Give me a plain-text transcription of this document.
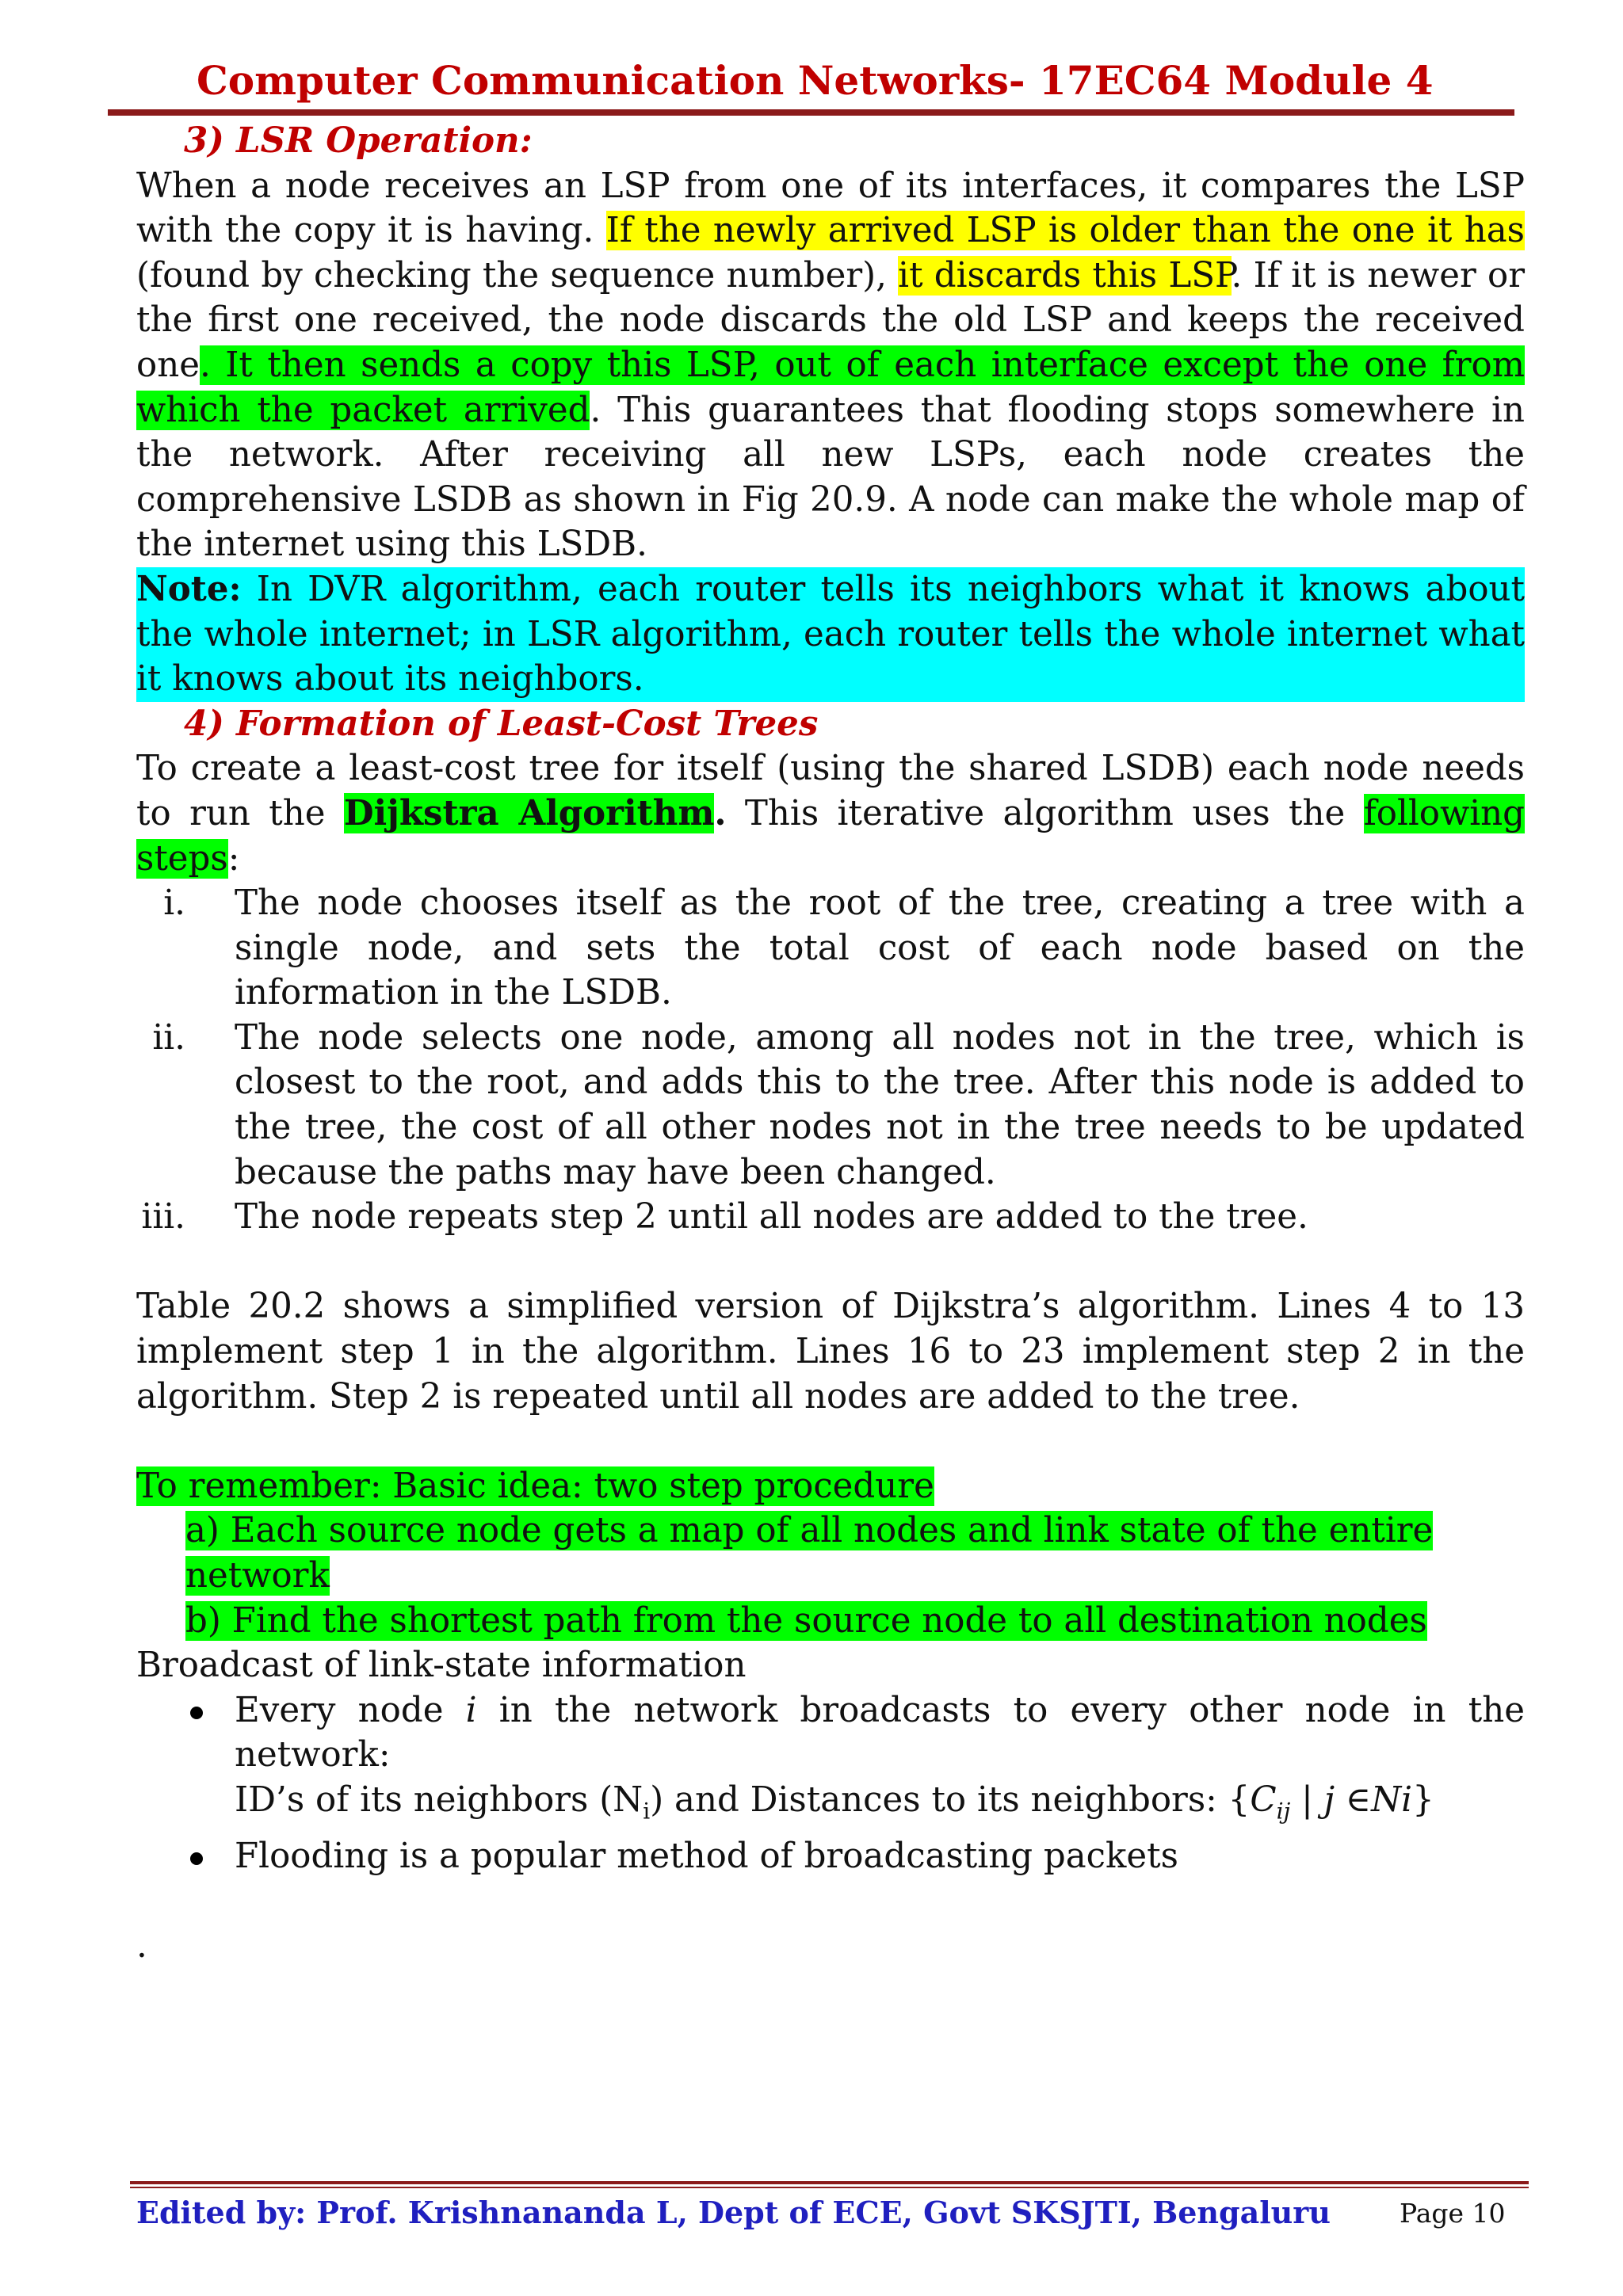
Computer Communication Networks- 17EC64 Module 4

3) LSR Operation:

When a node receives an LSP from one of its interfaces, it compares the LSP with the copy it is having. If the newly arrived LSP is older than the one it has (found by checking the sequence number), it discards this LSP. If it is newer or the first one received, the node discards the old LSP and keeps the received one. It then sends a copy this LSP, out of each interface except the one from which the packet arrived. This guarantees that flooding stops somewhere in the network. After receiving all new LSPs, each node creates the comprehensive LSDB as shown in Fig 20.9. A node can make the whole map of the internet using this LSDB.

Note: In DVR algorithm, each router tells its neighbors what it knows about the whole internet; in LSR algorithm, each router tells the whole internet what it knows about its neighbors.

4) Formation of Least-Cost Trees

To create a least-cost tree for itself (using the shared LSDB) each node needs to run the Dijkstra Algorithm. This iterative algorithm uses the following steps:

i. The node chooses itself as the root of the tree, creating a tree with a single node, and sets the total cost of each node based on the information in the LSDB.
ii. The node selects one node, among all nodes not in the tree, which is closest to the root, and adds this to the tree. After this node is added to the tree, the cost of all other nodes not in the tree needs to be updated because the paths may have been changed.
iii. The node repeats step 2 until all nodes are added to the tree.

Table 20.2 shows a simplified version of Dijkstra’s algorithm. Lines 4 to 13 implement step 1 in the algorithm. Lines 16 to 23 implement step 2 in the algorithm. Step 2 is repeated until all nodes are added to the tree.

To remember: Basic idea: two step procedure
a) Each source node gets a map of all nodes and link state of the entire network
b) Find the shortest path from the source node to all destination nodes

Broadcast of link-state information

Every node i in the network broadcasts to every other node in the network:
ID’s of its neighbors $(N_i)$ and Distances to its neighbors: {$C_{ij}$ | j ∈Ni}
Flooding is a popular method of broadcasting packets

.

Edited by: Prof. Krishnananda L, Dept of ECE, Govt SKSJTI, Bengaluru	Page 10
